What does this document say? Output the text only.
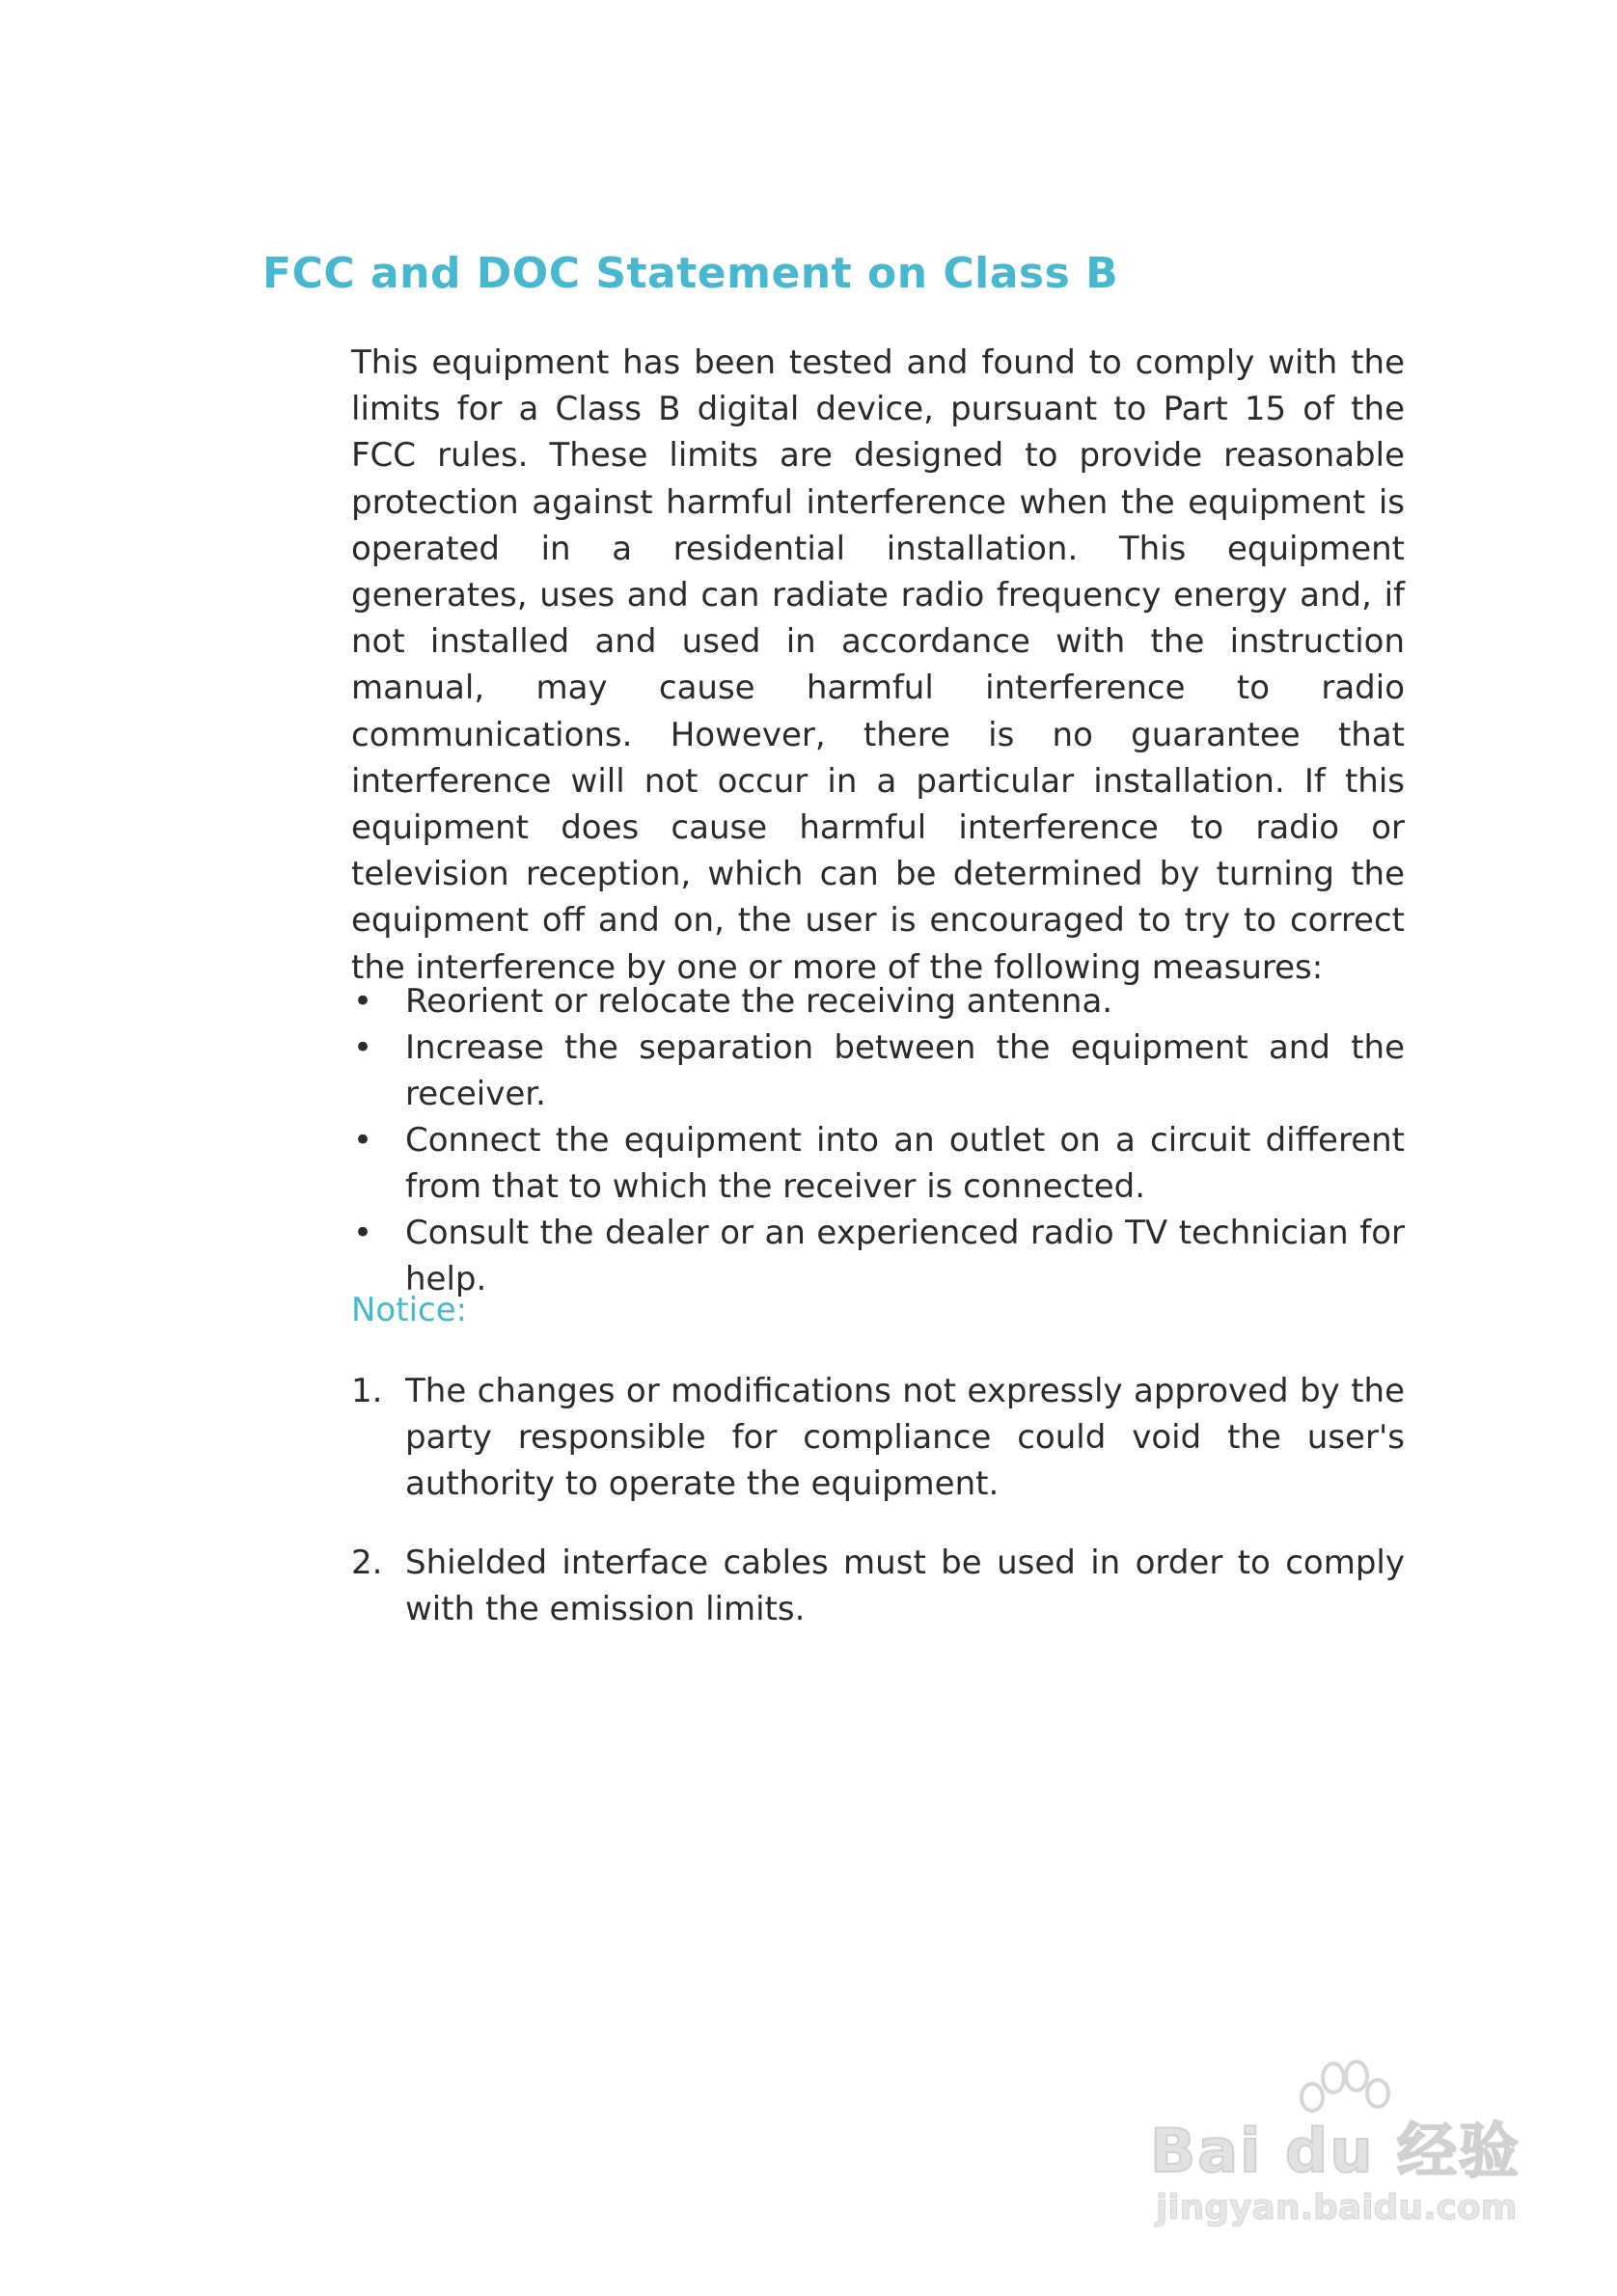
FCC and DOC Statement on Class B

This equipment has been tested and found to comply with the limits for a Class B digital device, pursuant to Part 15 of the FCC rules. These limits are designed to provide reasonable protection against harmful interference when the equipment is operated in a residential installation. This equipment generates, uses and can radiate radio frequency energy and, if not installed and used in accordance with the instruction manual, may cause harmful interference to radio communications. However, there is no guarantee that interference will not occur in a particular installation. If this equipment does cause harmful interference to radio or television reception, which can be determined by turning the equipment off and on, the user is encouraged to try to correct the interference by one or more of the following measures:

• Reorient or relocate the receiving antenna.
• Increase the separation between the equipment and the receiver.
• Connect the equipment into an outlet on a circuit different from that to which the receiver is connected.
• Consult the dealer or an experienced radio TV technician for help.

Notice:

1. The changes or modifications not expressly approved by the party responsible for compliance could void the user's authority to operate the equipment.
2. Shielded interface cables must be used in order to comply with the emission limits.
Bai du 经验
jingyan.baidu.com
